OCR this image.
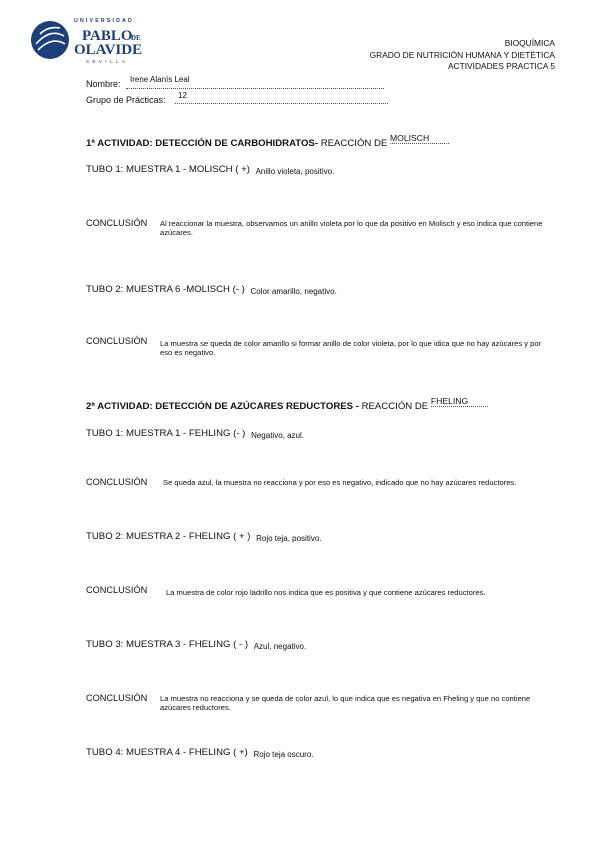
UNIVERSIDAD
PABLO
DE
OLAVIDE
SEVILLA
BIOQUÍMICA
GRADO DE NUTRICIÓN HUMANA Y DIETÉTICA
ACTIVIDADES PRACTICA 5
Nombre: Irene Alanís Leal
Grupo de Prácticas: 12
1ª ACTIVIDAD: DETECCIÓN DE CARBOHIDRATOS- REACCIÓN DE MOLISCH
TUBO 1: MUESTRA 1 - MOLISCH ( +) $_{Anillo violeta, positivo.}$
CONCLUSIÓN Al reaccionar la muestra, observamos un anillo violeta por lo que da positivo en Molisch y eso indica que contiene azúcares.
TUBO 2: MUESTRA 6 -MOLISCH (- ) $_{Color amarillo, negativo.}$
CONCLUSIÓN La muestra se queda de color amarillo si formar anillo de color violeta, por lo que idica que no hay azúcares y por eso es negativo.
2ª ACTIVIDAD: DETECCIÓN DE AZÚCARES REDUCTORES - REACCIÓN DE FHELING
TUBO 1: MUESTRA 1 - FEHLING (- ) $_{Negativo, azul.}$
CONCLUSIÓN Se queda azul, la muestra no reacciona y por eso es negativo, indicado que no hay azúcares reductores.
TUBO 2: MUESTRA 2 - FHELING ( + ) $_{Rojo teja, positivo.}$
CONCLUSIÓN La muestra de color rojo ladrillo nos indica que es positiva y que contiene azúcares reductores.
TUBO 3: MUESTRA 3 - FHELING ( - ) $_{Azul, negativo.}$
CONCLUSIÓN La muestra no reacciona y se queda de color azul, lo que indica que es negativa en Fheling y que no contiene azúcares reductores.
TUBO 4: MUESTRA 4 - FHELING ( +) $_{Rojo teja oscuro.}$
